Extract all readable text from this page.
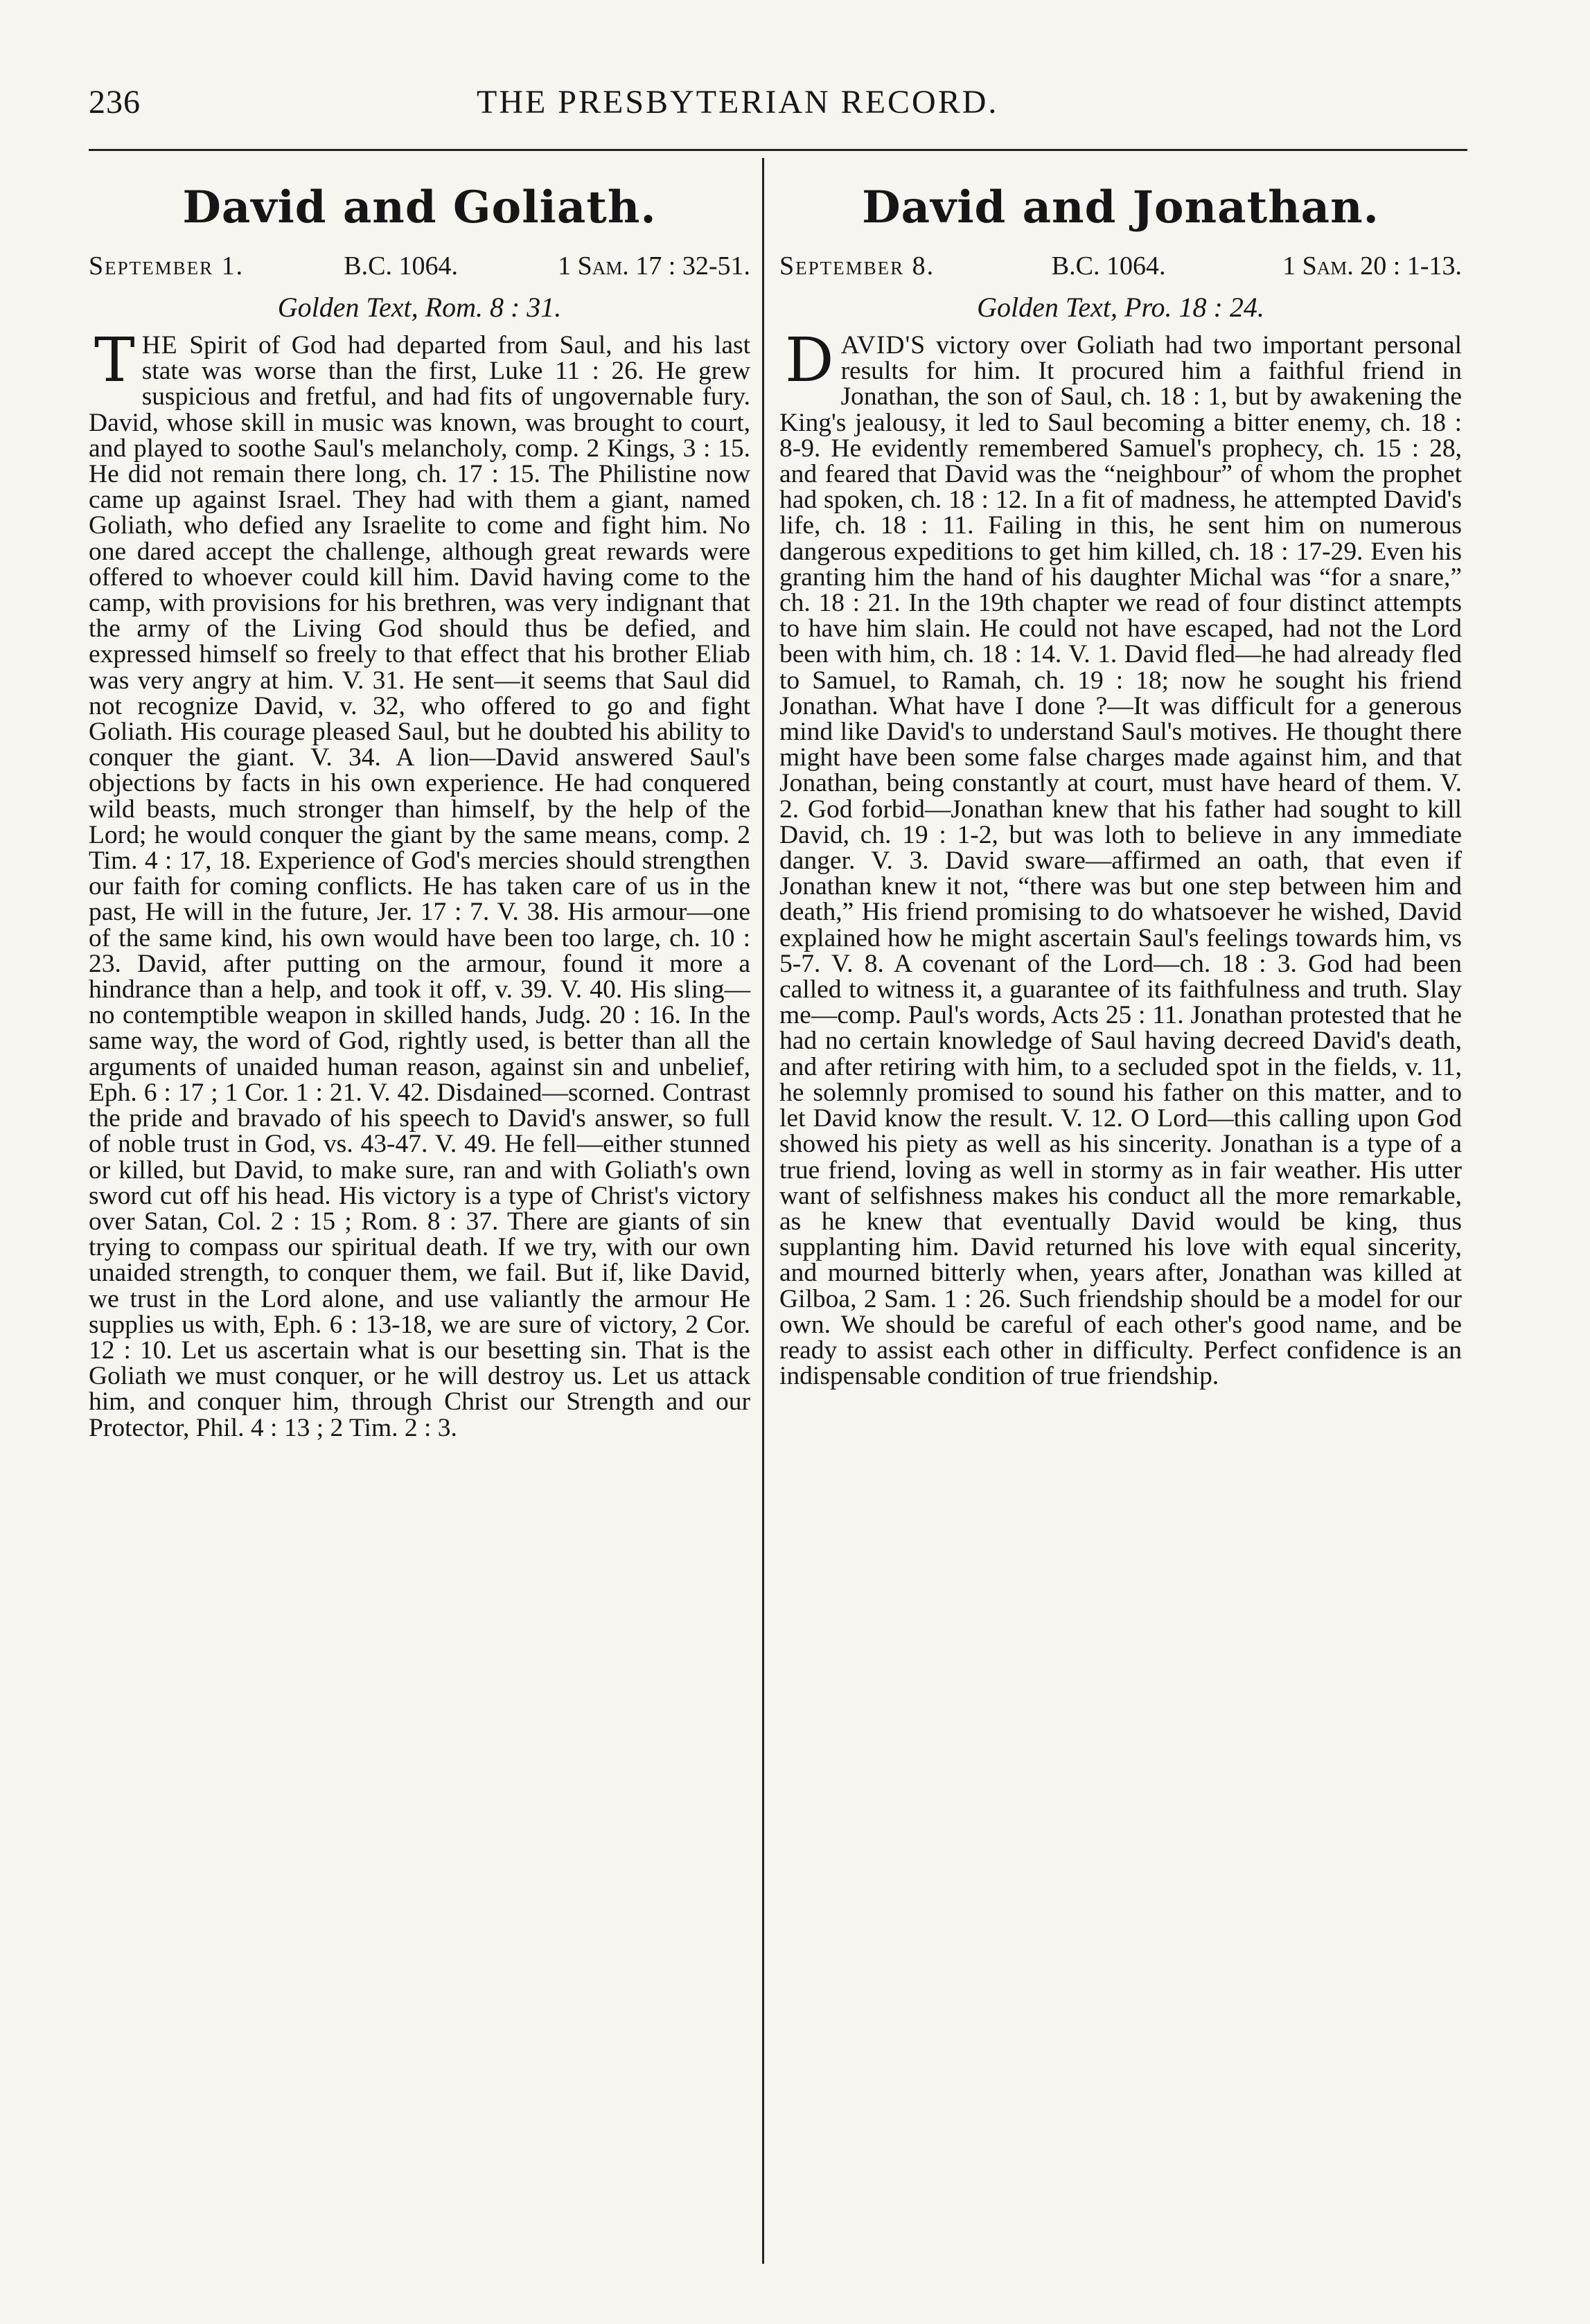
236	THE PRESBYTERIAN RECORD.
David and Goliath.
September 1.	B.C. 1064.	1 Sam. 17 : 32-51.
Golden Text, Rom. 8 : 31.
THE Spirit of God had departed from Saul, and his last state was worse than the first, Luke 11 : 26. He grew suspicious and fretful, and had fits of ungovernable fury. David, whose skill in music was known, was brought to court, and played to soothe Saul's melancholy, comp. 2 Kings, 3 : 15. He did not remain there long, ch. 17 : 15. The Philistine now came up against Israel. They had with them a giant, named Goliath, who defied any Israelite to come and fight him. No one dared accept the challenge, although great rewards were offered to whoever could kill him. David having come to the camp, with provisions for his brethren, was very indignant that the army of the Living God should thus be defied, and expressed himself so freely to that effect that his brother Eliab was very angry at him. V. 31. He sent—it seems that Saul did not recognize David, v. 32, who offered to go and fight Goliath. His courage pleased Saul, but he doubted his ability to conquer the giant. V. 34. A lion—David answered Saul's objections by facts in his own experience. He had conquered wild beasts, much stronger than himself, by the help of the Lord; he would conquer the giant by the same means, comp. 2 Tim. 4 : 17, 18. Experience of God's mercies should strengthen our faith for coming conflicts. He has taken care of us in the past, He will in the future, Jer. 17 : 7. V. 38. His armour—one of the same kind, his own would have been too large, ch. 10 : 23. David, after putting on the armour, found it more a hindrance than a help, and took it off, v. 39. V. 40. His sling—no contemptible weapon in skilled hands, Judg. 20 : 16. In the same way, the word of God, rightly used, is better than all the arguments of unaided human reason, against sin and unbelief, Eph. 6 : 17 ; 1 Cor. 1 : 21. V. 42. Disdained—scorned. Contrast the pride and bravado of his speech to David's answer, so full of noble trust in God, vs. 43-47. V. 49. He fell—either stunned or killed, but David, to make sure, ran and with Goliath's own sword cut off his head. His victory is a type of Christ's victory over Satan, Col. 2 : 15 ; Rom. 8 : 37. There are giants of sin trying to compass our spiritual death. If we try, with our own unaided strength, to conquer them, we fail. But if, like David, we trust in the Lord alone, and use valiantly the armour He supplies us with, Eph. 6 : 13-18, we are sure of victory, 2 Cor. 12 : 10. Let us ascertain what is our besetting sin. That is the Goliath we must conquer, or he will destroy us. Let us attack him, and conquer him, through Christ our Strength and our Protector, Phil. 4 : 13 ; 2 Tim. 2 : 3.
David and Jonathan.
September 8.	B.C. 1064.	1 Sam. 20 : 1-13.
Golden Text, Pro. 18 : 24.
DAVID'S victory over Goliath had two important personal results for him. It procured him a faithful friend in Jonathan, the son of Saul, ch. 18 : 1, but by awakening the King's jealousy, it led to Saul becoming a bitter enemy, ch. 18 : 8-9. He evidently remembered Samuel's prophecy, ch. 15 : 28, and feared that David was the “neighbour” of whom the prophet had spoken, ch. 18 : 12. In a fit of madness, he attempted David's life, ch. 18 : 11. Failing in this, he sent him on numerous dangerous expeditions to get him killed, ch. 18 : 17-29. Even his granting him the hand of his daughter Michal was “for a snare,” ch. 18 : 21. In the 19th chapter we read of four distinct attempts to have him slain. He could not have escaped, had not the Lord been with him, ch. 18 : 14. V. 1. David fled—he had already fled to Samuel, to Ramah, ch. 19 : 18; now he sought his friend Jonathan. What have I done ?—It was difficult for a generous mind like David's to understand Saul's motives. He thought there might have been some false charges made against him, and that Jonathan, being constantly at court, must have heard of them. V. 2. God forbid—Jonathan knew that his father had sought to kill David, ch. 19 : 1-2, but was loth to believe in any immediate danger. V. 3. David sware—affirmed an oath, that even if Jonathan knew it not, “there was but one step between him and death,” His friend promising to do whatsoever he wished, David explained how he might ascertain Saul's feelings towards him, vs 5-7. V. 8. A covenant of the Lord—ch. 18 : 3. God had been called to witness it, a guarantee of its faithfulness and truth. Slay me—comp. Paul's words, Acts 25 : 11. Jonathan protested that he had no certain knowledge of Saul having decreed David's death, and after retiring with him, to a secluded spot in the fields, v. 11, he solemnly promised to sound his father on this matter, and to let David know the result. V. 12. O Lord—this calling upon God showed his piety as well as his sincerity. Jonathan is a type of a true friend, loving as well in stormy as in fair weather. His utter want of selfishness makes his conduct all the more remarkable, as he knew that eventually David would be king, thus supplanting him. David returned his love with equal sincerity, and mourned bitterly when, years after, Jonathan was killed at Gilboa, 2 Sam. 1 : 26. Such friendship should be a model for our own. We should be careful of each other's good name, and be ready to assist each other in difficulty. Perfect confidence is an indispensable condition of true friendship.
